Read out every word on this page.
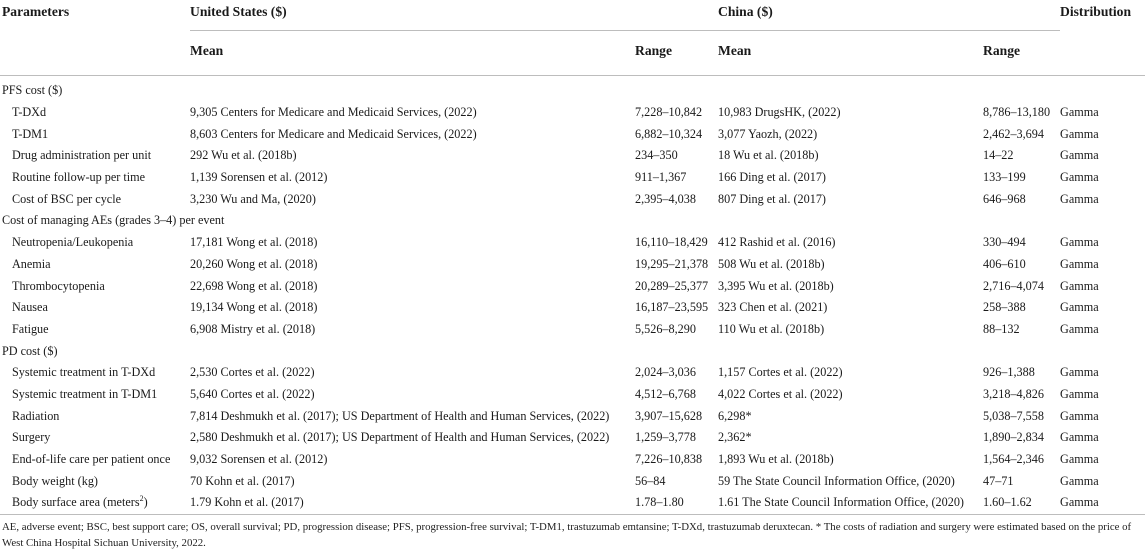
Parameters	United States ($)		China ($)		Distribution
	Mean	Range	Mean	Range	
PFS cost ($)					
T-DXd	9,305 Centers for Medicare and Medicaid Services, (2022)	7,228–10,842	10,983 DrugsHK, (2022)	8,786–13,180	Gamma
T-DM1	8,603 Centers for Medicare and Medicaid Services, (2022)	6,882–10,324	3,077 Yaozh, (2022)	2,462–3,694	Gamma
Drug administration per unit	292 Wu et al. (2018b)	234–350	18 Wu et al. (2018b)	14–22	Gamma
Routine follow-up per time	1,139 Sorensen et al. (2012)	911–1,367	166 Ding et al. (2017)	133–199	Gamma
Cost of BSC per cycle	3,230 Wu and Ma, (2020)	2,395–4,038	807 Ding et al. (2017)	646–968	Gamma
Cost of managing AEs (grades 3–4) per event					
Neutropenia/Leukopenia	17,181 Wong et al. (2018)	16,110–18,429	412 Rashid et al. (2016)	330–494	Gamma
Anemia	20,260 Wong et al. (2018)	19,295–21,378	508 Wu et al. (2018b)	406–610	Gamma
Thrombocytopenia	22,698 Wong et al. (2018)	20,289–25,377	3,395 Wu et al. (2018b)	2,716–4,074	Gamma
Nausea	19,134 Wong et al. (2018)	16,187–23,595	323 Chen et al. (2021)	258–388	Gamma
Fatigue	6,908 Mistry et al. (2018)	5,526–8,290	110 Wu et al. (2018b)	88–132	Gamma
PD cost ($)					
Systemic treatment in T-DXd	2,530 Cortes et al. (2022)	2,024–3,036	1,157 Cortes et al. (2022)	926–1,388	Gamma
Systemic treatment in T-DM1	5,640 Cortes et al. (2022)	4,512–6,768	4,022 Cortes et al. (2022)	3,218–4,826	Gamma
Radiation	7,814 Deshmukh et al. (2017); US Department of Health and Human Services, (2022)	3,907–15,628	6,298*	5,038–7,558	Gamma
Surgery	2,580 Deshmukh et al. (2017); US Department of Health and Human Services, (2022)	1,259–3,778	2,362*	1,890–2,834	Gamma
End-of-life care per patient once	9,032 Sorensen et al. (2012)	7,226–10,838	1,893 Wu et al. (2018b)	1,564–2,346	Gamma
Body weight (kg)	70 Kohn et al. (2017)	56–84	59 The State Council Information Office, (2020)	47–71	Gamma
Body surface area (meters$^2$)	1.79 Kohn et al. (2017)	1.78–1.80	1.61 The State Council Information Office, (2020)	1.60–1.62	Gamma
AE, adverse event; BSC, best support care; OS, overall survival; PD, progression disease; PFS, progression-free survival; T-DM1, trastuzumab emtansine; T-DXd, trastuzumab deruxtecan. * The costs of radiation and surgery were estimated based on the price of West China Hospital Sichuan University, 2022.
